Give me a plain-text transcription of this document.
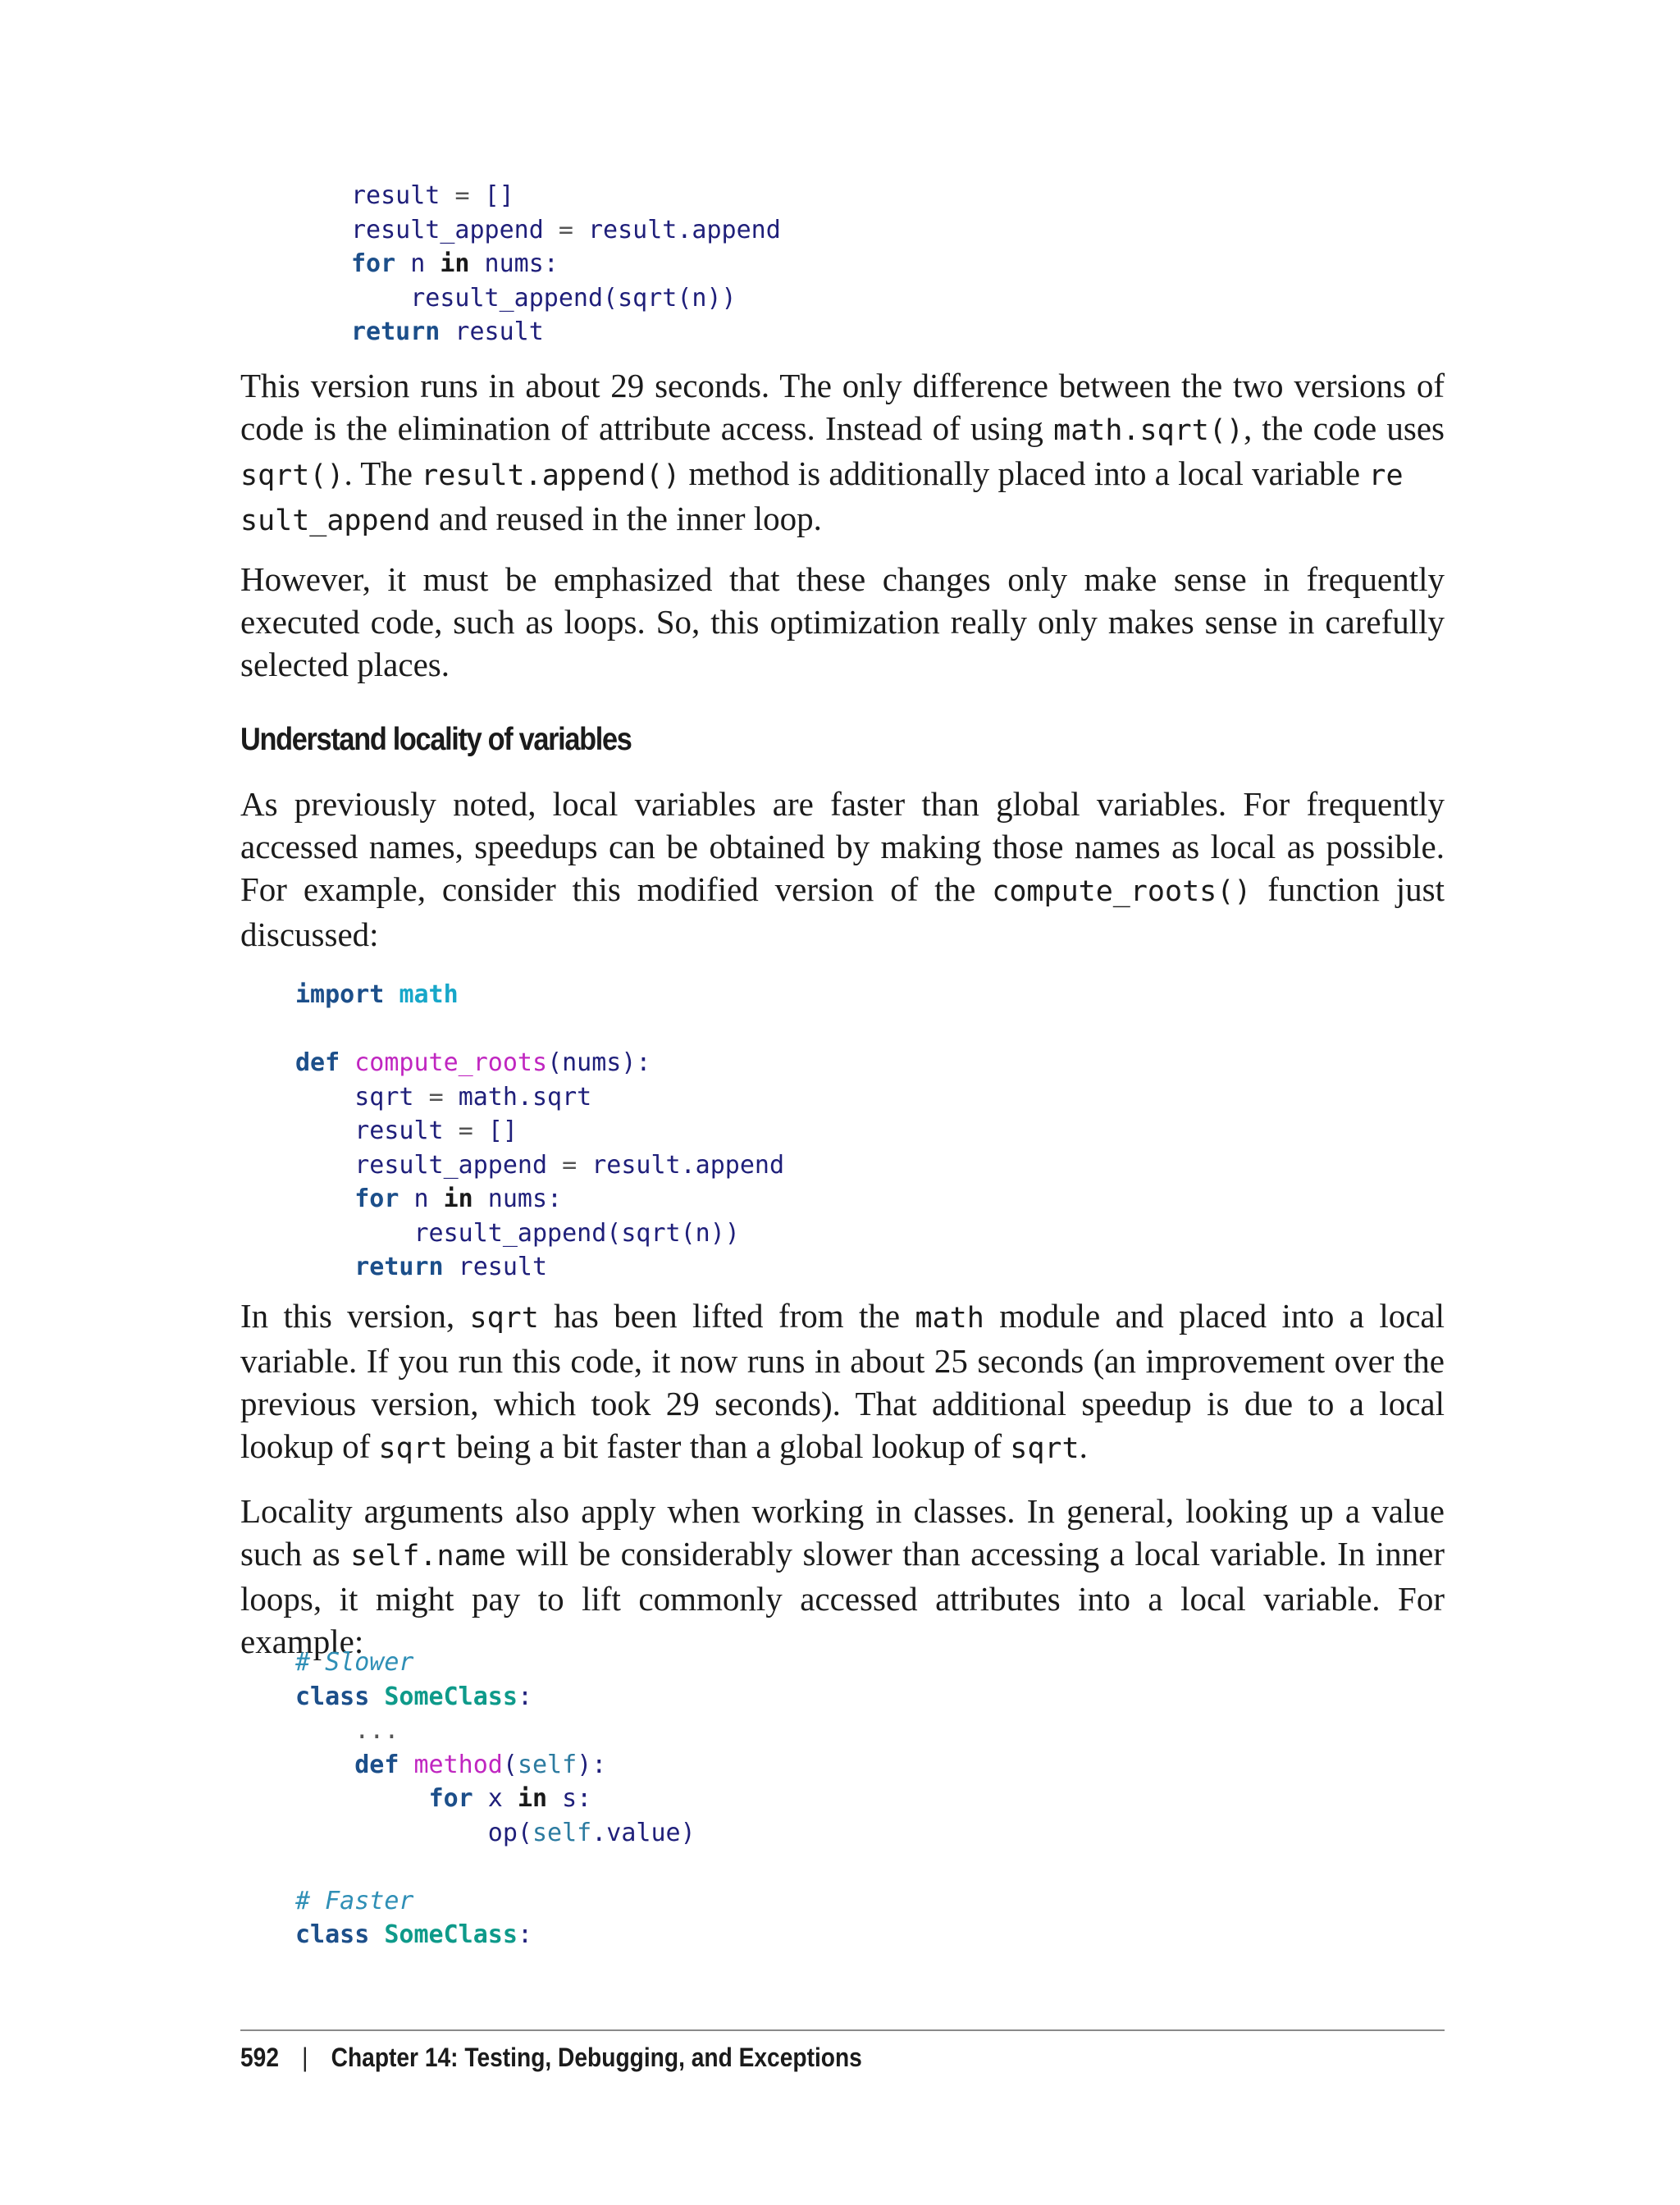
result = []
result_append = result.append
for n in nums:
result_append(sqrt(n))
return result

This version runs in about 29 seconds. The only difference between the two versions of code is the elimination of attribute access. Instead of using math.sqrt(), the code uses sqrt(). The result.append() method is additionally placed into a local variable re
sult_append and reused in the inner loop.

However, it must be emphasized that these changes only make sense in frequently executed code, such as loops. So, this optimization really only makes sense in carefully selected places.

Understand locality of variables

As previously noted, local variables are faster than global variables. For frequently accessed names, speedups can be obtained by making those names as local as possible. For example, consider this modified version of the compute_roots() function just discussed:

import math

def compute_roots(nums):
sqrt = math.sqrt
result = []
result_append = result.append
for n in nums:
result_append(sqrt(n))
return result

In this version, sqrt has been lifted from the math module and placed into a local variable. If you run this code, it now runs in about 25 seconds (an improvement over the previous version, which took 29 seconds). That additional speedup is due to a local lookup of sqrt being a bit faster than a global lookup of sqrt.

Locality arguments also apply when working in classes. In general, looking up a value such as self.name will be considerably slower than accessing a local variable. In inner loops, it might pay to lift commonly accessed attributes into a local variable. For example:

# Slower
class SomeClass:
...
def method(self):
for x in s:
op(self.value)

# Faster
class SomeClass:
592 | Chapter 14: Testing, Debugging, and Exceptions
